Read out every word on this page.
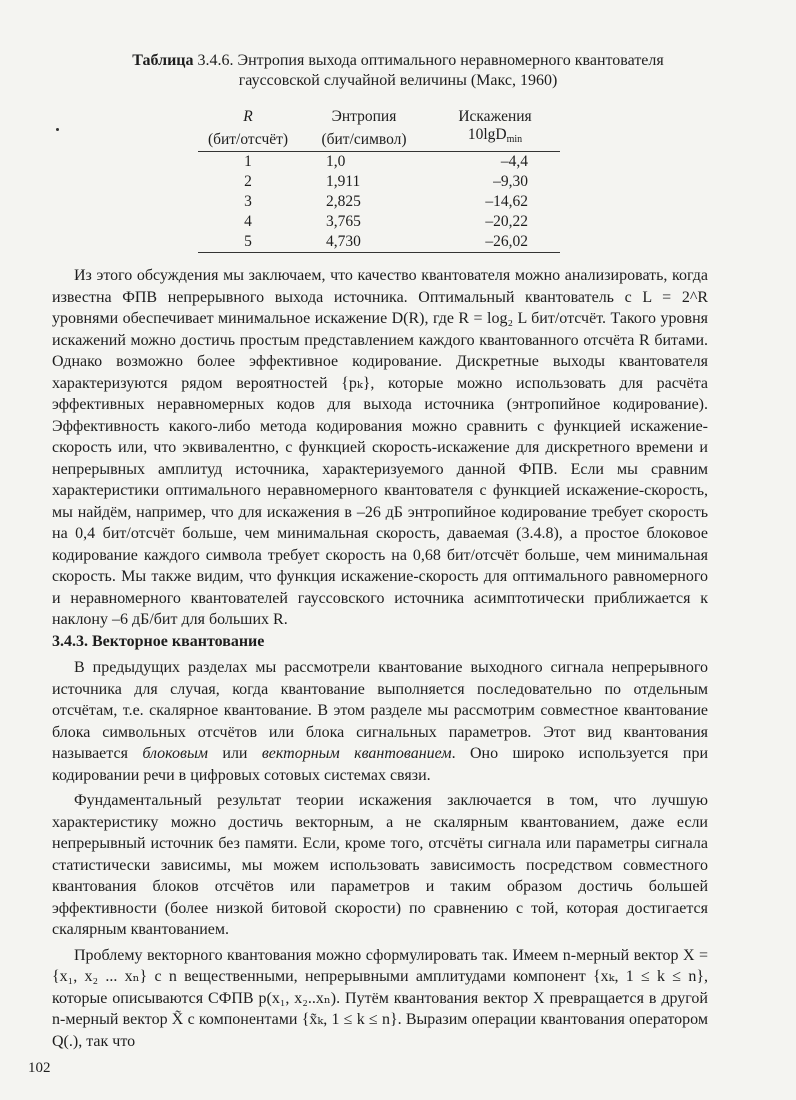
Таблица 3.4.6. Энтропия выхода оптимального неравномерного квантователя
гауссовской случайной величины (Макс, 1960)
R	Энтропия	Искажения
(бит/отсчёт)	(бит/символ)	10lgD$_{min}$
1	1,0	–4,4
2	1,911	–9,30
3	2,825	–14,62
4	3,765	–20,22
5	4,730	–26,02

Из этого обсуждения мы заключаем, что качество квантователя можно анализировать, когда известна ФПВ непрерывного выхода источника. Оптимальный квантователь с L = 2^R уровнями обеспечивает минимальное искажение D(R), где R = log₂ L бит/отсчёт. Такого уровня искажений можно достичь простым представлением каждого квантованного отсчёта R битами. Однако возможно более эффективное кодирование. Дискретные выходы квантователя характеризуются рядом вероятностей {pₖ}, которые можно использовать для расчёта эффективных неравномерных кодов для выхода источника (энтропийное кодирование). Эффективность какого-либо метода кодирования можно сравнить с функцией искажение-скорость или, что эквивалентно, с функцией скорость-искажение для дискретного времени и непрерывных амплитуд источника, характеризуемого данной ФПВ. Если мы сравним характеристики оптимального неравномерного квантователя с функцией искажение-скорость, мы найдём, например, что для искажения в –26 дБ энтропийное кодирование требует скорость на 0,4 бит/отсчёт больше, чем минимальная скорость, даваемая (3.4.8), а простое блоковое кодирование каждого символа требует скорость на 0,68 бит/отсчёт больше, чем минимальная скорость. Мы также видим, что функция искажение-скорость для оптимального равномерного и неравномерного квантователей гауссовского источника асимптотически приближается к наклону –6 дБ/бит для больших R.

3.4.3. Векторное квантование

В предыдущих разделах мы рассмотрели квантование выходного сигнала непрерывного источника для случая, когда квантование выполняется последовательно по отдельным отсчётам, т.е. скалярное квантование. В этом разделе мы рассмотрим совместное квантование блока символьных отсчётов или блока сигнальных параметров. Этот вид квантования называется блоковым или векторным квантованием. Оно широко используется при кодировании речи в цифровых сотовых системах связи.

Фундаментальный результат теории искажения заключается в том, что лучшую характеристику можно достичь векторным, а не скалярным квантованием, даже если непрерывный источник без памяти. Если, кроме того, отсчёты сигнала или параметры сигнала статистически зависимы, мы можем использовать зависимость посредством совместного квантования блоков отсчётов или параметров и таким образом достичь большей эффективности (более низкой битовой скорости) по сравнению с той, которая достигается скалярным квантованием.

Проблему векторного квантования можно сформулировать так. Имеем n-мерный вектор X = {x₁, x₂ ... xₙ} с n вещественными, непрерывными амплитудами компонент {xₖ, 1 ≤ k ≤ n}, которые описываются СФПВ p(x₁, x₂..xₙ). Путём квантования вектор X превращается в другой n-мерный вектор X̃ с компонентами {x̃ₖ, 1 ≤ k ≤ n}. Выразим операции квантования оператором Q(.), так что

102
